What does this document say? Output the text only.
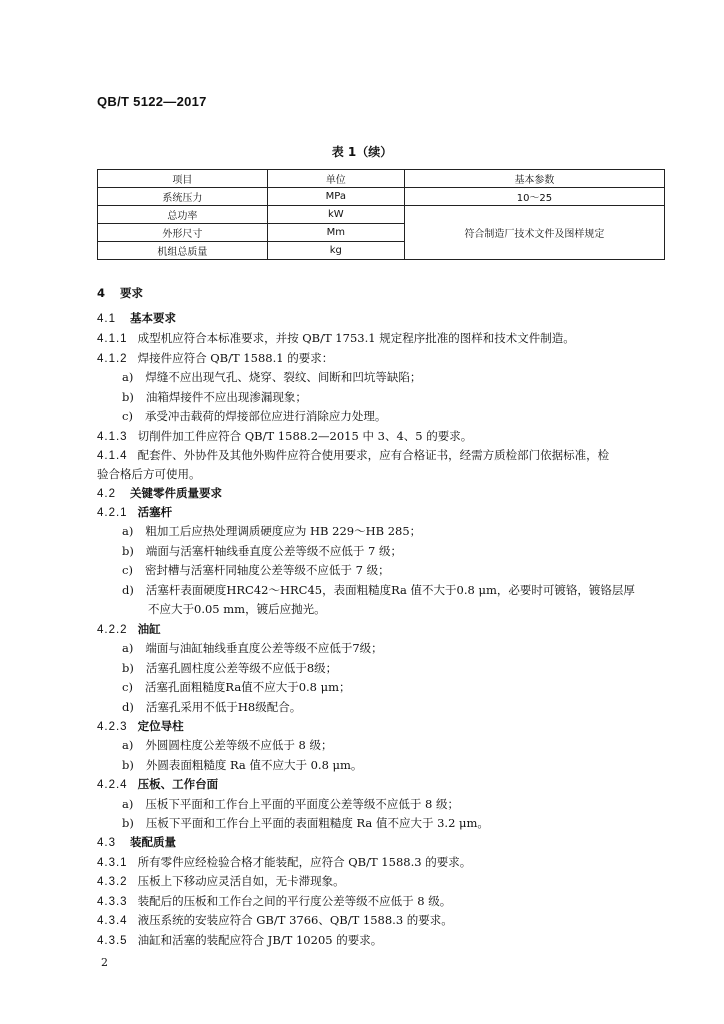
QB/T 5122—2017
表 1（续）
项目	单位	基本参数
系统压力	MPa	10～25
总功率	kW	符合制造厂技术文件及图样规定
外形尺寸	Mm	
机组总质量	kg	
4 要求
4.1 基本要求
4.1.1 成型机应符合本标准要求，并按 QB/T 1753.1 规定程序批准的图样和技术文件制造。
4.1.2 焊接件应符合 QB/T 1588.1 的要求：
a) 焊缝不应出现气孔、烧穿、裂纹、间断和凹坑等缺陷；
b) 油箱焊接件不应出现渗漏现象；
c) 承受冲击载荷的焊接部位应进行消除应力处理。
4.1.3 切削件加工件应符合 QB/T 1588.2—2015 中 3、4、5 的要求。
4.1.4 配套件、外协件及其他外购件应符合使用要求，应有合格证书，经需方质检部门依据标准，检
验合格后方可使用。
4.2 关键零件质量要求
4.2.1 活塞杆
a) 粗加工后应热处理调质硬度应为 HB 229～HB 285；
b) 端面与活塞杆轴线垂直度公差等级不应低于 7 级；
c) 密封槽与活塞杆同轴度公差等级不应低于 7 级；
d) 活塞杆表面硬度HRC42～HRC45，表面粗糙度Ra 值不大于0.8 μm，必要时可镀铬，镀铬层厚
不应大于0.05 mm，镀后应抛光。
4.2.2 油缸
a) 端面与油缸轴线垂直度公差等级不应低于7级；
b) 活塞孔圆柱度公差等级不应低于8级；
c) 活塞孔面粗糙度Ra值不应大于0.8 μm；
d) 活塞孔采用不低于H8级配合。
4.2.3 定位导柱
a) 外圆圆柱度公差等级不应低于 8 级；
b) 外圆表面粗糙度 Ra 值不应大于 0.8 μm。
4.2.4 压板、工作台面
a) 压板下平面和工作台上平面的平面度公差等级不应低于 8 级；
b) 压板下平面和工作台上平面的表面粗糙度 Ra 值不应大于 3.2 μm。
4.3 装配质量
4.3.1 所有零件应经检验合格才能装配，应符合 QB/T 1588.3 的要求。
4.3.2 压板上下移动应灵活自如，无卡滞现象。
4.3.3 装配后的压板和工作台之间的平行度公差等级不应低于 8 级。
4.3.4 液压系统的安装应符合 GB/T 3766、QB/T 1588.3 的要求。
4.3.5 油缸和活塞的装配应符合 JB/T 10205 的要求。
2
